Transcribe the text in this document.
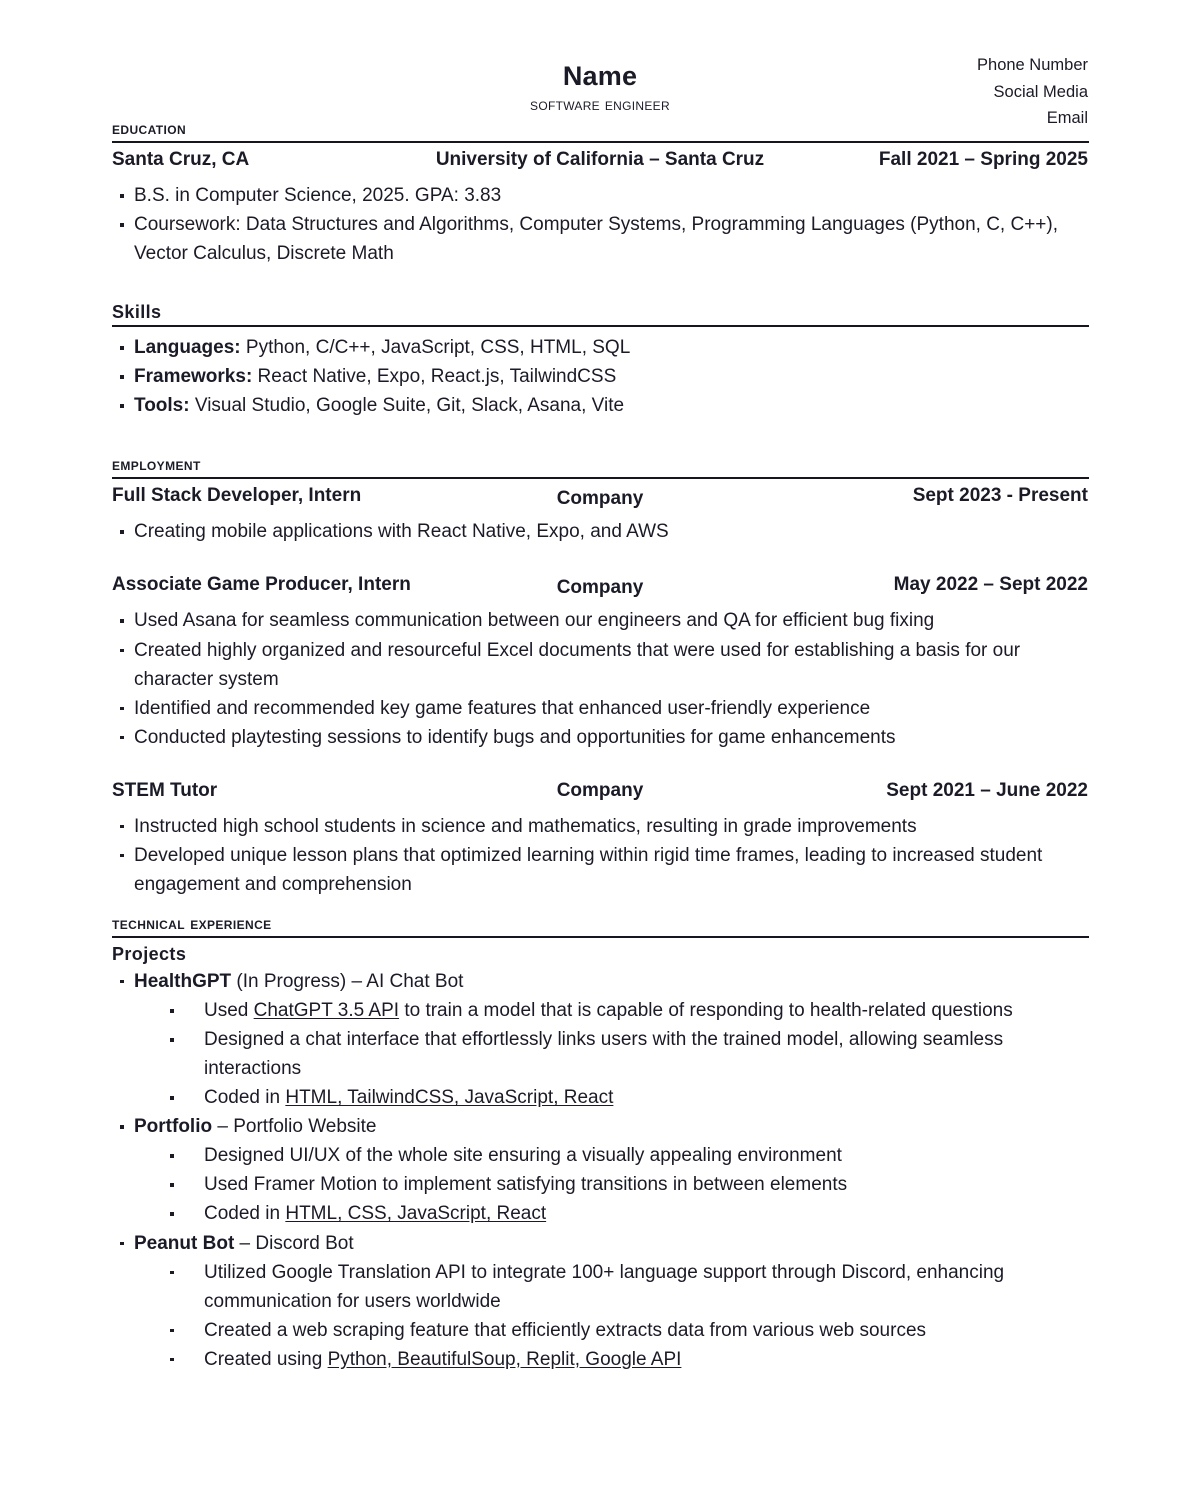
Name
software engineer
Phone Number
Social Media
Email
education
Santa Cruz, CA	University of California – Santa Cruz	Fall 2021 – Spring 2025
B.S. in Computer Science, 2025. GPA: 3.83
Coursework: Data Structures and Algorithms, Computer Systems, Programming Languages (Python, C, C++), Vector Calculus, Discrete Math
Skills
Languages: Python, C/C++, JavaScript, CSS, HTML, SQL
Frameworks: React Native, Expo, React.js, TailwindCSS
Tools: Visual Studio, Google Suite, Git, Slack, Asana, Vite
employment
Full Stack Developer, Intern	Company	Sept 2023 - Present
Creating mobile applications with React Native, Expo, and AWS
Associate Game Producer, Intern	Company	May 2022 – Sept 2022
Used Asana for seamless communication between our engineers and QA for efficient bug fixing
Created highly organized and resourceful Excel documents that were used for establishing a basis for our character system
Identified and recommended key game features that enhanced user-friendly experience
Conducted playtesting sessions to identify bugs and opportunities for game enhancements
STEM Tutor	Company	Sept 2021 – June 2022
Instructed high school students in science and mathematics, resulting in grade improvements
Developed unique lesson plans that optimized learning within rigid time frames, leading to increased student engagement and comprehension
technical experience
Projects
HealthGPT (In Progress) – AI Chat Bot
Used ChatGPT 3.5 API to train a model that is capable of responding to health-related questions
Designed a chat interface that effortlessly links users with the trained model, allowing seamless interactions
Coded in HTML, TailwindCSS, JavaScript, React
Portfolio – Portfolio Website
Designed UI/UX of the whole site ensuring a visually appealing environment
Used Framer Motion to implement satisfying transitions in between elements
Coded in HTML, CSS, JavaScript, React
Peanut Bot – Discord Bot
Utilized Google Translation API to integrate 100+ language support through Discord, enhancing communication for users worldwide
Created a web scraping feature that efficiently extracts data from various web sources
Created using Python, BeautifulSoup, Replit, Google API
